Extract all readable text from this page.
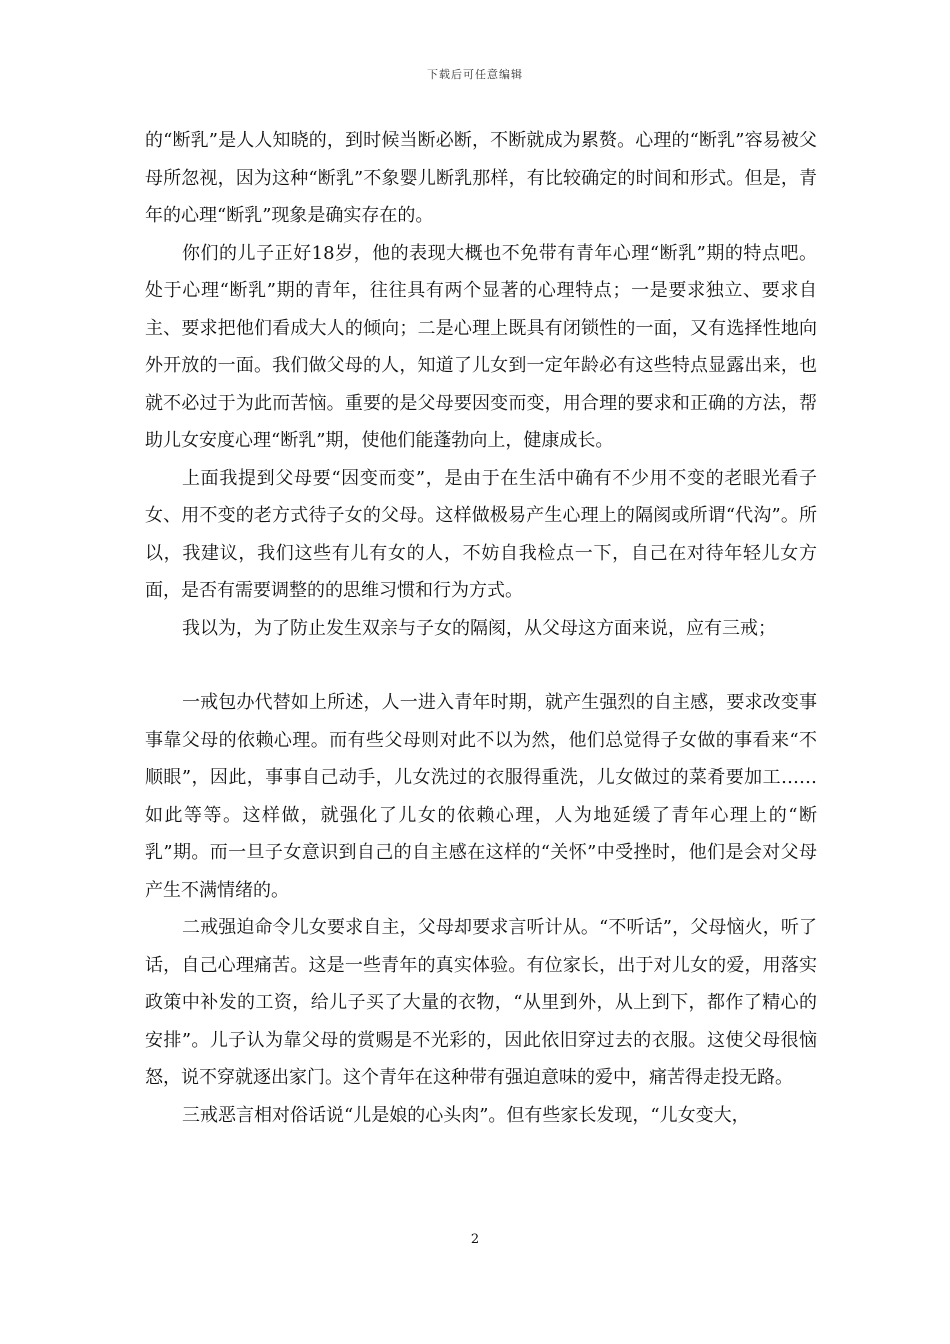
下载后可任意编辑

的“断乳”是人人知晓的，到时候当断必断，不断就成为累赘。心理的“断乳”容易被父母所忽视，因为这种“断乳”不象婴儿断乳那样，有比较确定的时间和形式。但是，青年的心理“断乳”现象是确实存在的。

你们的儿子正好18岁，他的表现大概也不免带有青年心理“断乳”期的特点吧。处于心理“断乳”期的青年，往往具有两个显著的心理特点；一是要求独立、要求自主、要求把他们看成大人的倾向；二是心理上既具有闭锁性的一面，又有选择性地向外开放的一面。我们做父母的人，知道了儿女到一定年龄必有这些特点显露出来，也就不必过于为此而苦恼。重要的是父母要因变而变，用合理的要求和正确的方法，帮助儿女安度心理“断乳”期，使他们能蓬勃向上，健康成长。

上面我提到父母要“因变而变”，是由于在生活中确有不少用不变的老眼光看子女、用不变的老方式待子女的父母。这样做极易产生心理上的隔阂或所谓“代沟”。所以，我建议，我们这些有儿有女的人，不妨自我检点一下，自己在对待年轻儿女方面，是否有需要调整的的思维习惯和行为方式。

我以为，为了防止发生双亲与子女的隔阂，从父母这方面来说，应有三戒；

一戒包办代替如上所述，人一进入青年时期，就产生强烈的自主感，要求改变事事靠父母的依赖心理。而有些父母则对此不以为然，他们总觉得子女做的事看来“不顺眼”，因此，事事自己动手，儿女洗过的衣服得重洗，儿女做过的菜肴要加工……如此等等。这样做，就强化了儿女的依赖心理，人为地延缓了青年心理上的“断乳”期。而一旦子女意识到自己的自主感在这样的“关怀”中受挫时，他们是会对父母产生不满情绪的。

二戒强迫命令儿女要求自主，父母却要求言听计从。“不听话”，父母恼火，听了话，自己心理痛苦。这是一些青年的真实体验。有位家长，出于对儿女的爱，用落实政策中补发的工资，给儿子买了大量的衣物，“从里到外，从上到下，都作了精心的安排”。儿子认为靠父母的赏赐是不光彩的，因此依旧穿过去的衣服。这使父母很恼怒，说不穿就逐出家门。这个青年在这种带有强迫意味的爱中，痛苦得走投无路。

三戒恶言相对俗话说“儿是娘的心头肉”。但有些家长发现，“儿女变大，

2
